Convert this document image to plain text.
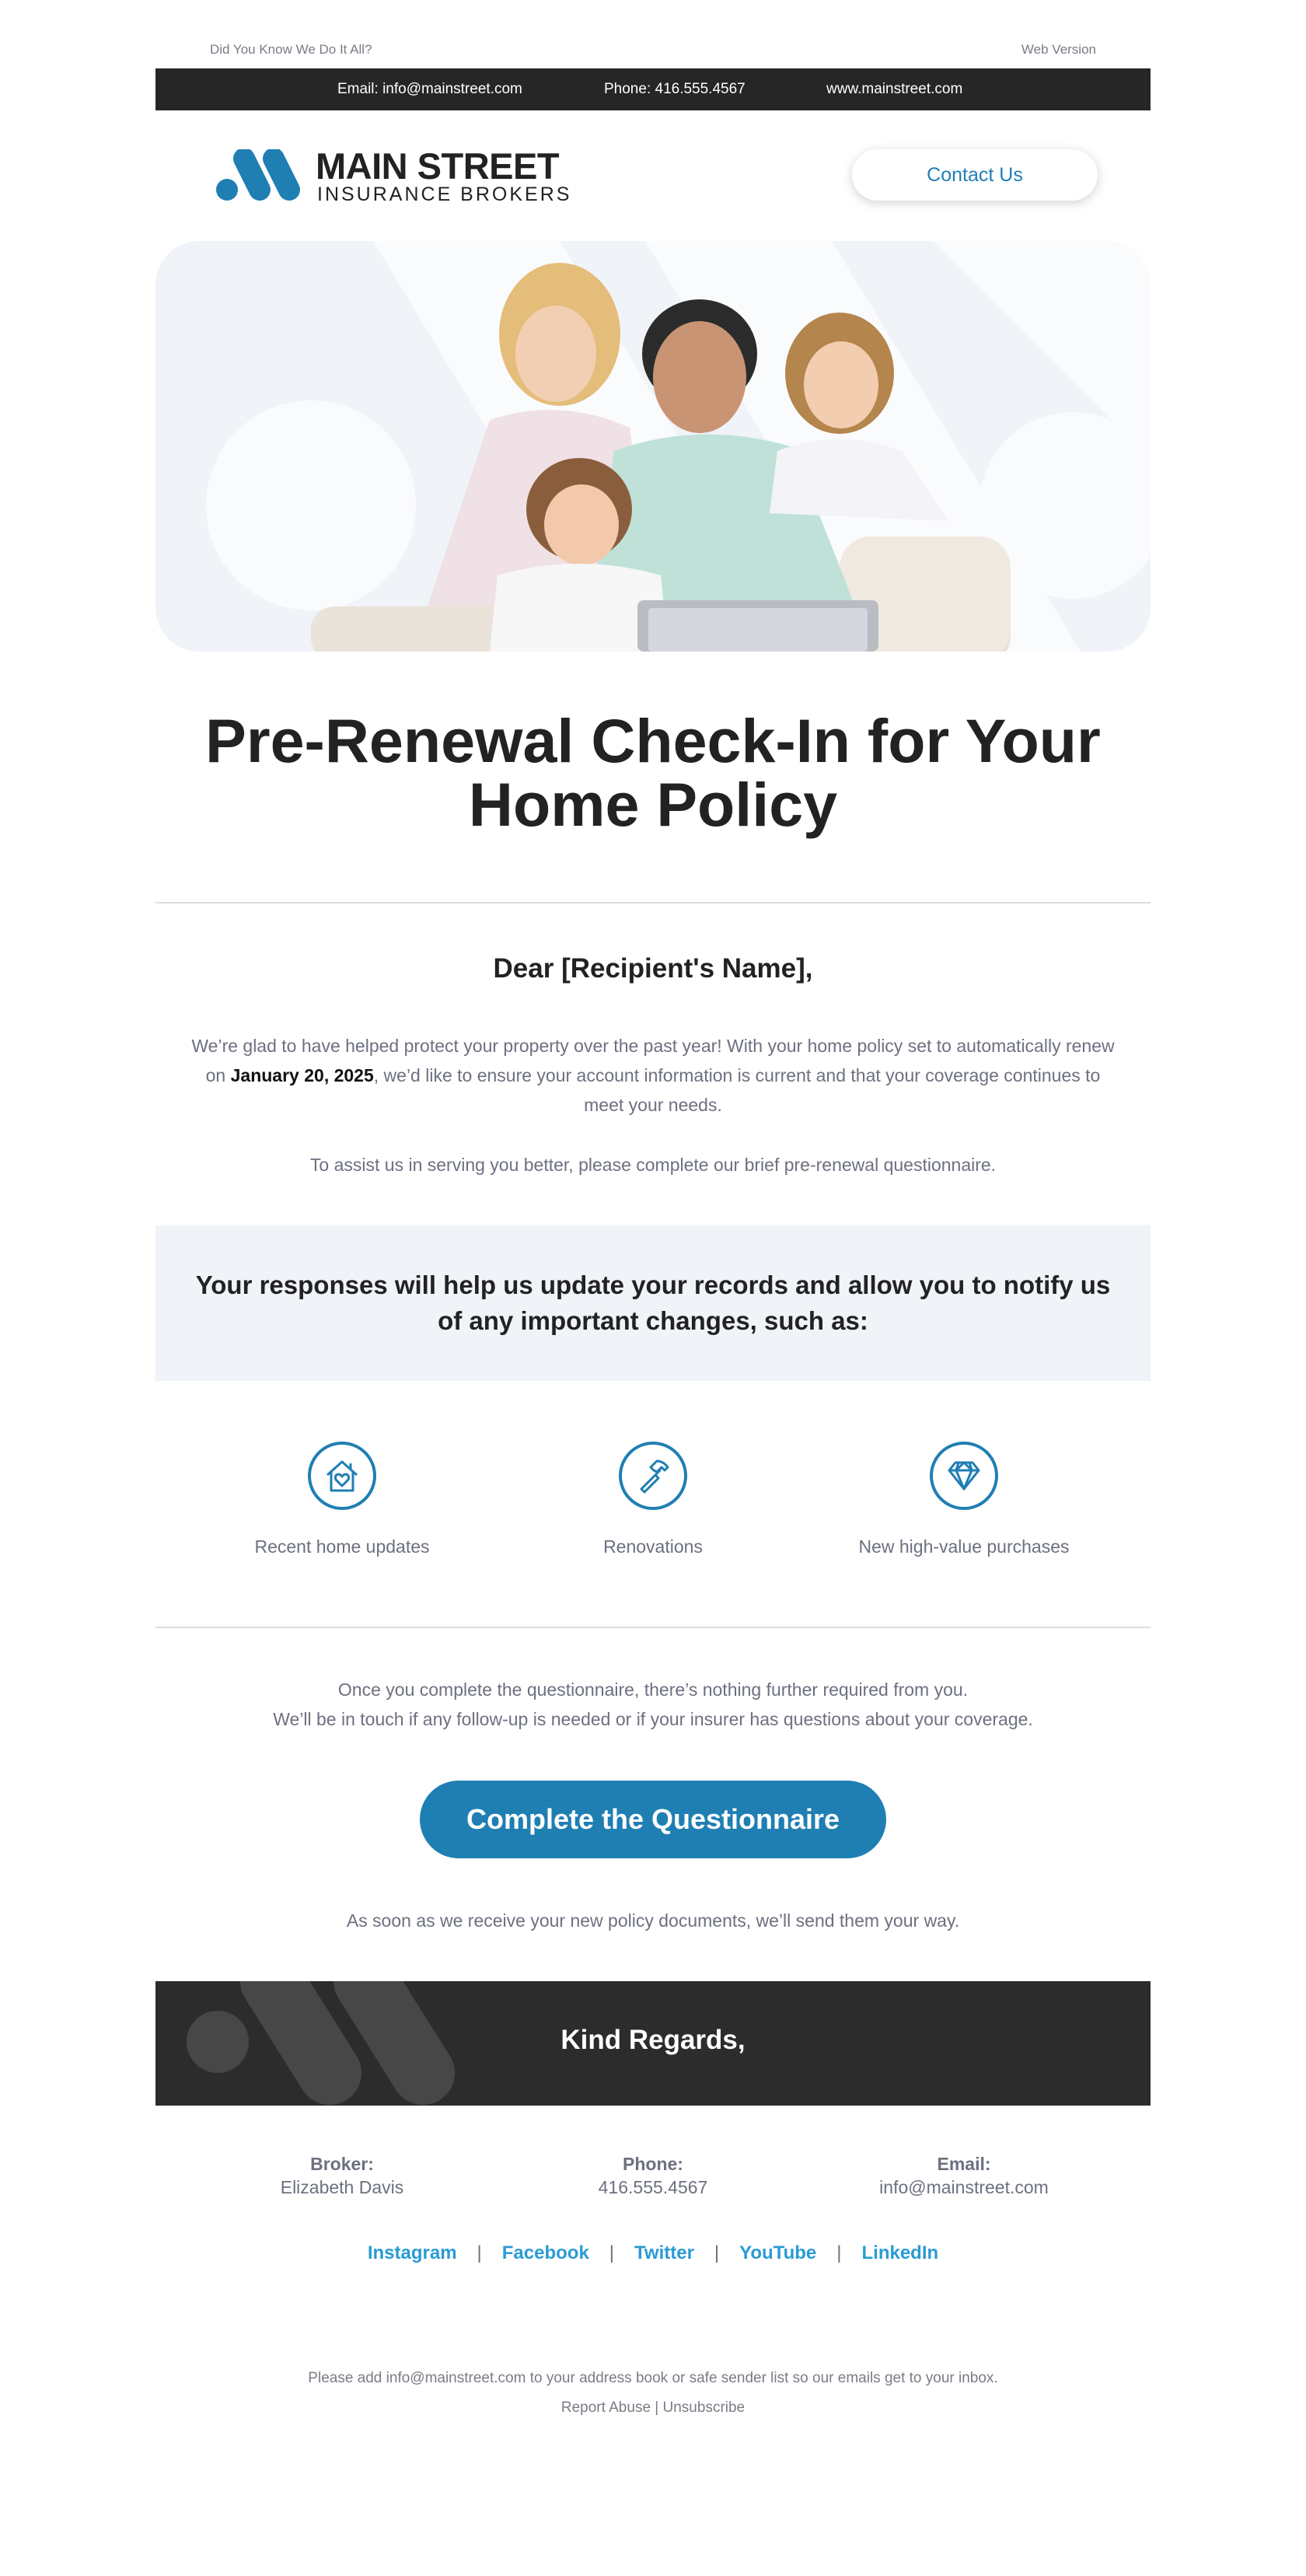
Did You Know We Do It All?	Web Version
Email: info@mainstreet.com	Phone: 416.555.4567	www.mainstreet.com
MAIN STREET
INSURANCE BROKERS
Contact Us
Pre-Renewal Check-In for Your
Home Policy
Dear [Recipient's Name],
We’re glad to have helped protect your property over the past year! With your home policy set to automatically renew on January 20, 2025, we’d like to ensure your account information is current and that your coverage continues to meet your needs.
To assist us in serving you better, please complete our brief pre-renewal questionnaire.
Your responses will help us update your records and allow you to notify us of any important changes, such as:
Recent home updates	Renovations	New high-value purchases
Once you complete the questionnaire, there’s nothing further required from you.
We’ll be in touch if any follow-up is needed or if your insurer has questions about your coverage.
Complete the Questionnaire
As soon as we receive your new policy documents, we’ll send them your way.
Kind Regards,
Broker:
Elizabeth Davis
Phone:
416.555.4567
Email:
info@mainstreet.com
Instagram | Facebook | Twitter | YouTube | LinkedIn
Please add info@mainstreet.com to your address book or safe sender list so our emails get to your inbox.
Report Abuse | Unsubscribe
